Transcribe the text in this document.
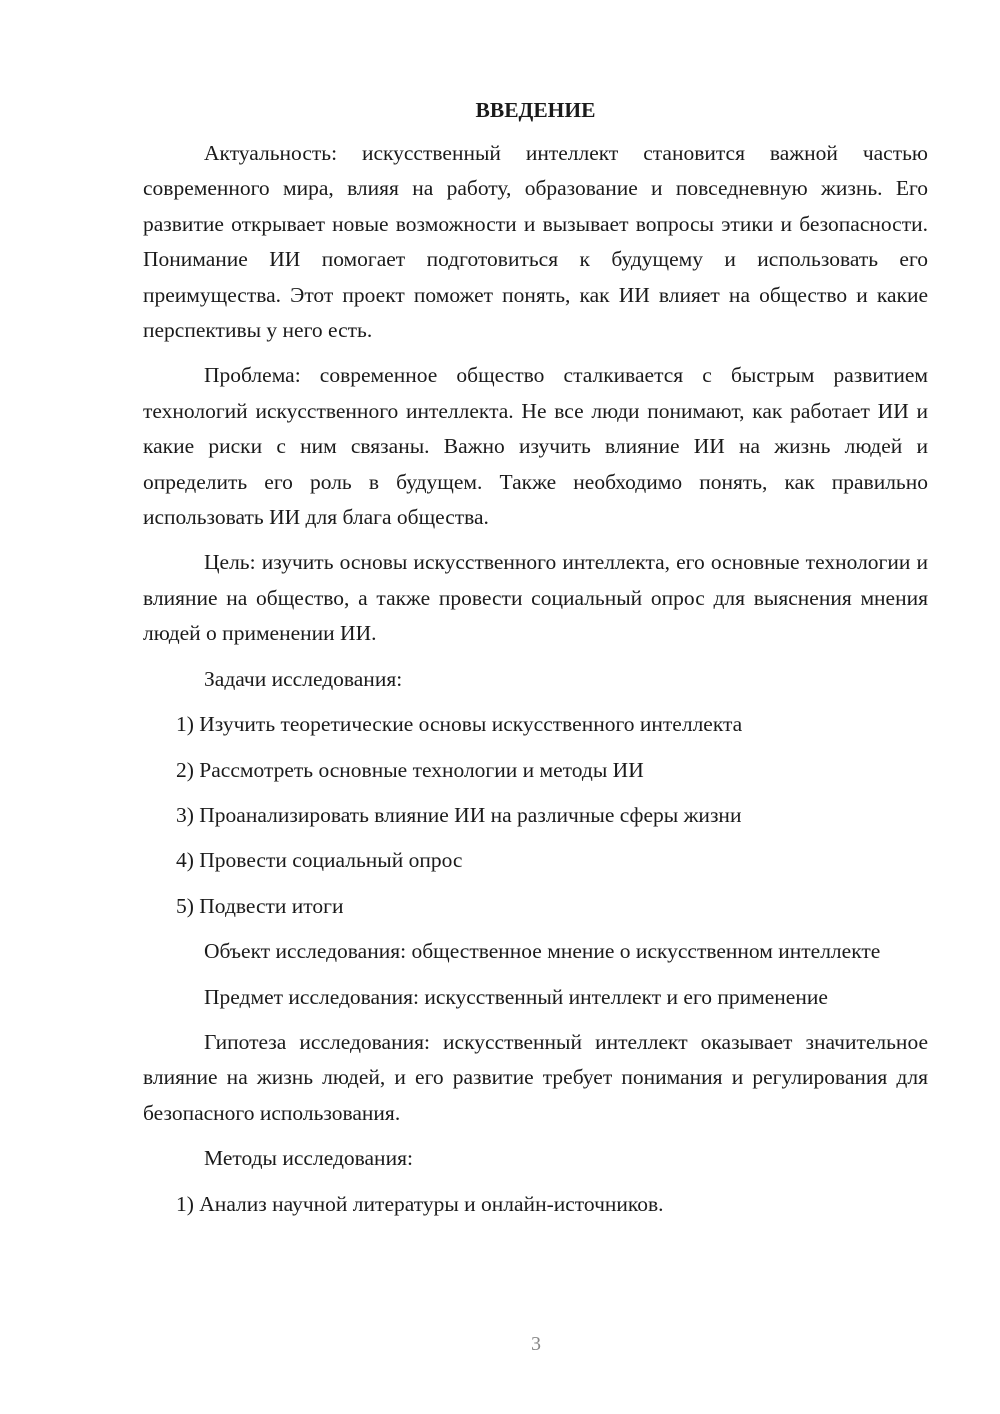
ВВЕДЕНИЕ

Актуальность: искусственный интеллект становится важной частью современного мира, влияя на работу, образование и повседневную жизнь. Его развитие открывает новые возможности и вызывает вопросы этики и безопасности. Понимание ИИ помогает подготовиться к будущему и использовать его преимущества. Этот проект поможет понять, как ИИ влияет на общество и какие перспективы у него есть.

Проблема: современное общество сталкивается с быстрым развитием технологий искусственного интеллекта. Не все люди понимают, как работает ИИ и какие риски с ним связаны. Важно изучить влияние ИИ на жизнь людей и определить его роль в будущем. Также необходимо понять, как правильно использовать ИИ для блага общества.

Цель: изучить основы искусственного интеллекта, его основные технологии и влияние на общество, а также провести социальный опрос для выяснения мнения людей о применении ИИ.

Задачи исследования:

1) Изучить теоретические основы искусственного интеллекта
2) Рассмотреть основные технологии и методы ИИ
3) Проанализировать влияние ИИ на различные сферы жизни
4) Провести социальный опрос
5) Подвести итоги

Объект исследования: общественное мнение о искусственном интеллекте

Предмет исследования: искусственный интеллект и его применение

Гипотеза исследования: искусственный интеллект оказывает значительное влияние на жизнь людей, и его развитие требует понимания и регулирования для безопасного использования.

Методы исследования:

1) Анализ научной литературы и онлайн-источников.
3
